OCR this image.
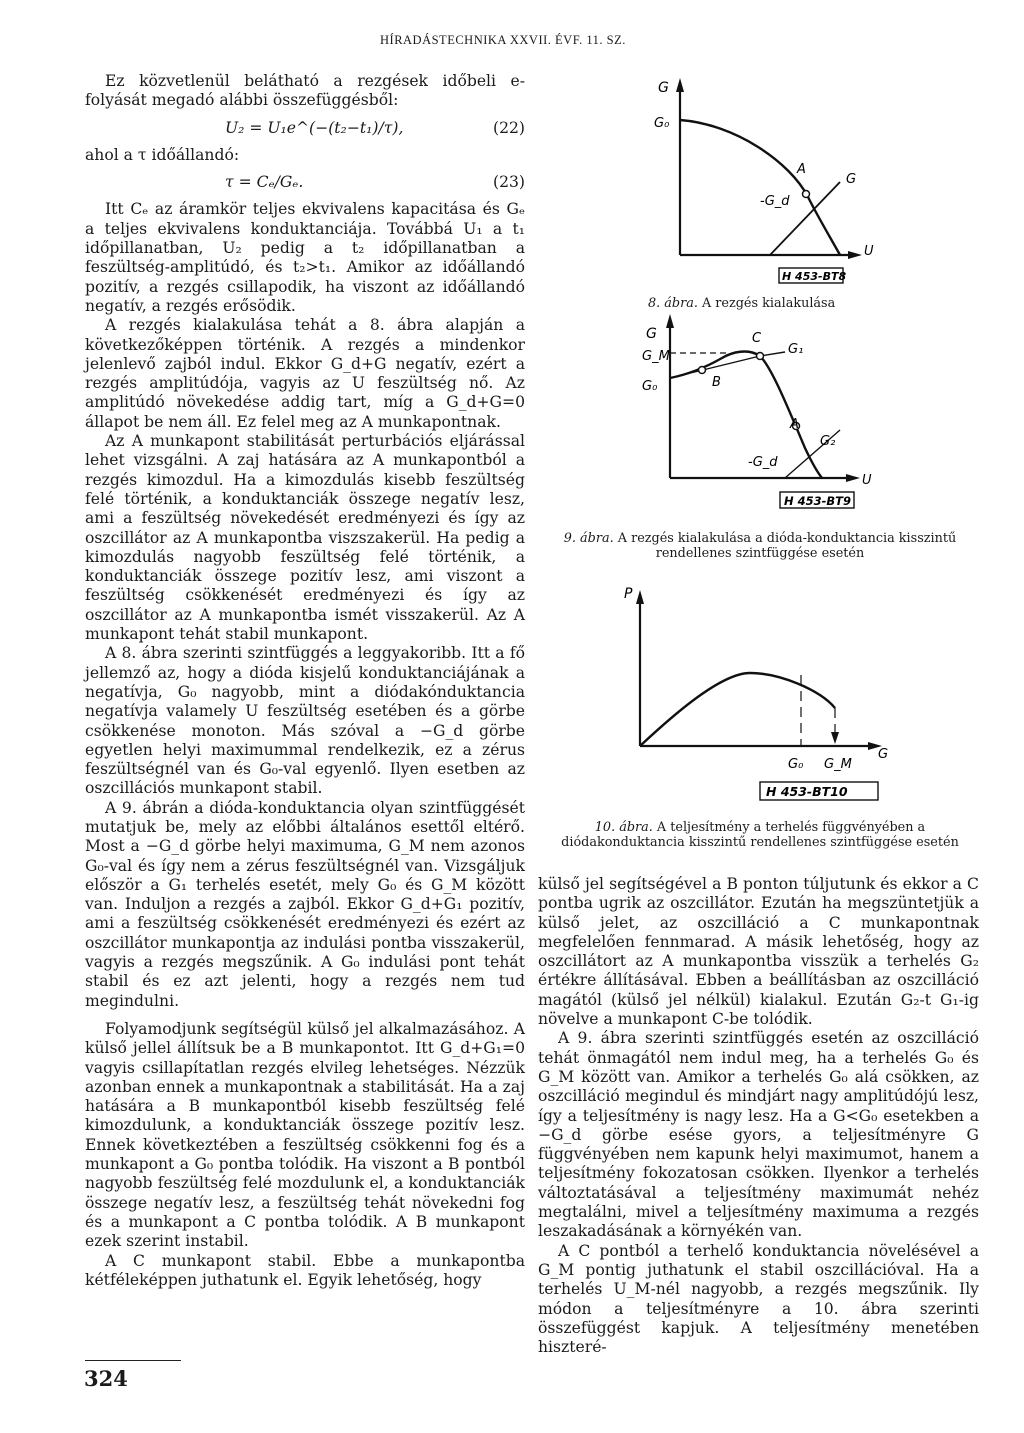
HÍRADÁSTECHNIKA XXVII. ÉVF. 11. SZ.

Ez közvetlenül belátható a rezgések időbeli e-folyását megadó alábbi összefüggésből:

U₂ = U₁e^(−(t₂−t₁)/τ),	(22)

ahol a τ időállandó:

τ = Cₑ/Gₑ.	(23)

Itt Cₑ az áramkör teljes ekvivalens kapacitása és Gₑ a teljes ekvivalens konduktanciája. Továbbá U₁ a t₁ időpillanatban, U₂ pedig a t₂ időpillanatban a feszültség-amplitúdó, és t₂>t₁. Amikor az időállandó pozitív, a rezgés csillapodik, ha viszont az időállandó negatív, a rezgés erősödik.

A rezgés kialakulása tehát a 8. ábra alapján a következőképpen történik. A rezgés a mindenkor jelenlevő zajból indul. Ekkor G_d+G negatív, ezért a rezgés amplitúdója, vagyis az U feszültség nő. Az amplitúdó növekedése addig tart, míg a G_d+G=0 állapot be nem áll. Ez felel meg az A munkapontnak.

Az A munkapont stabilitását perturbációs eljárással lehet vizsgálni. A zaj hatására az A munkapontból a rezgés kimozdul. Ha a kimozdulás kisebb feszültség felé történik, a konduktanciák összege negatív lesz, ami a feszültség növekedését eredményezi és így az oszcillátor az A munkapontba viszszakerül. Ha pedig a kimozdulás nagyobb feszültség felé történik, a konduktanciák összege pozitív lesz, ami viszont a feszültség csökkenését eredményezi és így az oszcillátor az A munkapontba ismét visszakerül. Az A munkapont tehát stabil munkapont.

A 8. ábra szerinti szintfüggés a leggyakoribb. Itt a fő jellemző az, hogy a dióda kisjelű konduktanciájának a negatívja, G₀ nagyobb, mint a diódakónduktancia negatívja valamely U feszültség esetében és a görbe csökkenése monoton. Más szóval a −G_d görbe egyetlen helyi maximummal rendelkezik, ez a zérus feszültségnél van és G₀-val egyenlő. Ilyen esetben az oszcillációs munkapont stabil.

A 9. ábrán a dióda-konduktancia olyan szintfüggését mutatjuk be, mely az előbbi általános esettől eltérő. Most a −G_d görbe helyi maximuma, G_M nem azonos G₀-val és így nem a zérus feszültségnél van. Vizsgáljuk először a G₁ terhelés esetét, mely G₀ és G_M között van. Induljon a rezgés a zajból. Ekkor G_d+G₁ pozitív, ami a feszültség csökkenését eredményezi és ezért az oszcillátor munkapontja az indulási pontba visszakerül, vagyis a rezgés megszűnik. A G₀ indulási pont tehát stabil és ez azt jelenti, hogy a rezgés nem tud megindulni.

Folyamodjunk segítségül külső jel alkalmazásához. A külső jellel állítsuk be a B munkapontot. Itt G_d+G₁=0 vagyis csillapítatlan rezgés elvileg lehetséges. Nézzük azonban ennek a munkapontnak a stabilitását. Ha a zaj hatására a B munkapontból kisebb feszültség felé kimozdulunk, a konduktanciák összege pozitív lesz. Ennek következtében a feszültség csökkenni fog és a munkapont a G₀ pontba tolódik. Ha viszont a B pontból nagyobb feszültség felé mozdulunk el, a konduktanciák összege negatív lesz, a feszültség tehát növekedni fog és a munkapont a C pontba tolódik. A B munkapont ezek szerint instabil.

A C munkapont stabil. Ebbe a munkapontba kétféleképpen juthatunk el. Egyik lehetőség, hogy

G
G₀
A
G
-G_d
U
H 453-BT8
8. ábra. A rezgés kialakulása
G
G_M
G₀	B
C
G₁
A
G₂
-G_d
U
H 453-BT9
9. ábra. A rezgés kialakulása a dióda-konduktancia kisszintű rendellenes szintfüggése esetén
P
G
G₀ G_M
H 453-BT10
10. ábra. A teljesítmény a terhelés függvényében a diódakonduktancia kisszintű rendellenes szintfüggése esetén

külső jel segítségével a B ponton túljutunk és ekkor a C pontba ugrik az oszcillátor. Ezután ha megszüntetjük a külső jelet, az oszcilláció a C munkapontnak megfelelően fennmarad. A másik lehetőség, hogy az oszcillátort az A munkapontba visszük a terhelés G₂ értékre állításával. Ebben a beállításban az oszcilláció magától (külső jel nélkül) kialakul. Ezután G₂-t G₁-ig növelve a munkapont C-be tolódik.

A 9. ábra szerinti szintfüggés esetén az oszcilláció tehát önmagától nem indul meg, ha a terhelés G₀ és G_M között van. Amikor a terhelés G₀ alá csökken, az oszcilláció megindul és mindjárt nagy amplitúdójú lesz, így a teljesítmény is nagy lesz. Ha a G<G₀ esetekben a −G_d görbe esése gyors, a teljesítményre G függvényében nem kapunk helyi maximumot, hanem a teljesítmény fokozatosan csökken. Ilyenkor a terhelés változtatásával a teljesítmény maximumát nehéz megtalálni, mivel a teljesítmény maximuma a rezgés leszakadásának a környékén van.

A C pontból a terhelő konduktancia növelésével a G_M pontig juthatunk el stabil oszcillációval. Ha a terhelés U_M-nél nagyobb, a rezgés megszűnik. Ily módon a teljesítményre a 10. ábra szerinti összefüggést kapjuk. A teljesítmény menetében hiszteré-

324
